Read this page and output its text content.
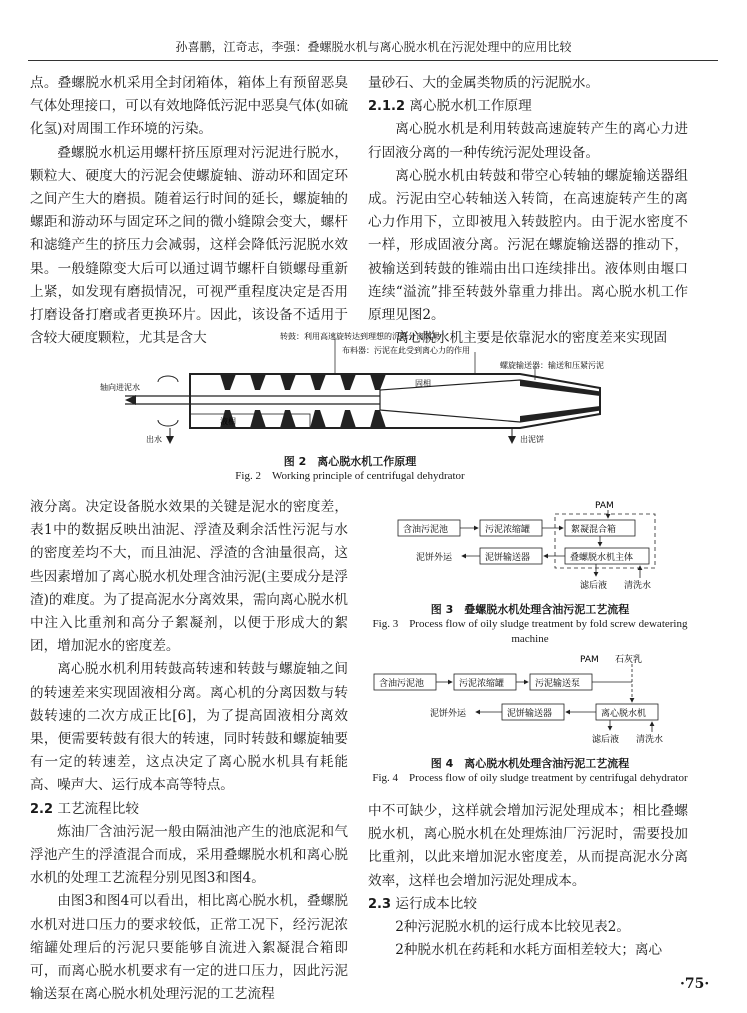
孙喜鹏，江奇志，李强：叠螺脱水机与离心脱水机在污泥处理中的应用比较

点。叠螺脱水机采用全封闭箱体，箱体上有预留恶臭气体处理接口，可以有效地降低污泥中恶臭气体(如硫化氢)对周围工作环境的污染。

叠螺脱水机运用螺杆挤压原理对污泥进行脱水，颗粒大、硬度大的污泥会使螺旋轴、游动环和固定环之间产生大的磨损。随着运行时间的延长，螺旋轴的螺距和游动环与固定环之间的微小缝隙会变大，螺杆和滤缝产生的挤压力会减弱，这样会降低污泥脱水效果。一般缝隙变大后可以通过调节螺杆自锁螺母重新上紧，如发现有磨损情况，可视严重程度决定是否用打磨设备打磨或者更换环片。因此，该设备不适用于含较大硬度颗粒，尤其是含大

量砂石、大的金属类物质的污泥脱水。

2.1.2 离心脱水机工作原理

离心脱水机是利用转鼓高速旋转产生的离心力进行固液分离的一种传统污泥处理设备。

离心脱水机由转鼓和带空心转轴的螺旋输送器组成。污泥由空心转轴送入转筒，在高速旋转产生的离心力作用下，立即被甩入转鼓腔内。由于泥水密度不一样，形成固液分离。污泥在螺旋输送器的推动下，被输送到转鼓的锥端由出口连续排出。液体则由堰口连续“溢流”排至转鼓外靠重力排出。离心脱水机工作原理见图2。

离心脱水机主要是依靠泥水的密度差来实现固

转鼓：利用高速旋转达到理想的沉降分离效果
布料器：污泥在此受到离心力的作用
螺旋输送器：输送和压紧污泥
轴向进泥水	固相
液相
出水	出泥饼
图 2　离心脱水机工作原理
Fig. 2　Working principle of centrifugal dehydrator

液分离。决定设备脱水效果的关键是泥水的密度差，表1中的数据反映出油泥、浮渣及剩余活性污泥与水的密度差均不大，而且油泥、浮渣的含油量很高，这些因素增加了离心脱水机处理含油污泥(主要成分是浮渣)的难度。为了提高泥水分离效果，需向离心脱水机中注入比重剂和高分子絮凝剂，以便于形成大的絮团，增加泥水的密度差。

离心脱水机利用转鼓高转速和转鼓与螺旋轴之间的转速差来实现固液相分离。离心机的分离因数与转鼓转速的二次方成正比[6]，为了提高固液相分离效果，便需要转鼓有很大的转速，同时转鼓和螺旋轴要有一定的转速差，这点决定了离心脱水机具有耗能高、噪声大、运行成本高等特点。

2.2 工艺流程比较

炼油厂含油污泥一般由隔油池产生的池底泥和气浮池产生的浮渣混合而成，采用叠螺脱水机和离心脱水机的处理工艺流程分别见图3和图4。

由图3和图4可以看出，相比离心脱水机，叠螺脱水机对进口压力的要求较低，正常工况下，经污泥浓缩罐处理后的污泥只要能够自流进入絮凝混合箱即可，而离心脱水机要求有一定的进口压力，因此污泥输送泵在离心脱水机处理污泥的工艺流程

PAM
含油污泥池	污泥浓缩罐	絮凝混合箱
叠螺脱水机主体
泥饼输送器
泥饼外运
滤后液 清洗水
图 3　叠螺脱水机处理含油污泥工艺流程
Fig. 3　Process flow of oily sludge treatment by fold screw dewatering machine
PAM 石灰乳
含油污泥池	污泥浓缩罐	污泥输送泵
离心脱水机
泥饼输送器
泥饼外运
滤后液 清洗水
图 4　离心脱水机处理含油污泥工艺流程
Fig. 4　Process flow of oily sludge treatment by centrifugal dehydrator

中不可缺少，这样就会增加污泥处理成本；相比叠螺脱水机，离心脱水机在处理炼油厂污泥时，需要投加比重剂，以此来增加泥水密度差，从而提高泥水分离效率，这样也会增加污泥处理成本。

2.3 运行成本比较

2种污泥脱水机的运行成本比较见表2。

2种脱水机在药耗和水耗方面相差较大；离心

·75·
